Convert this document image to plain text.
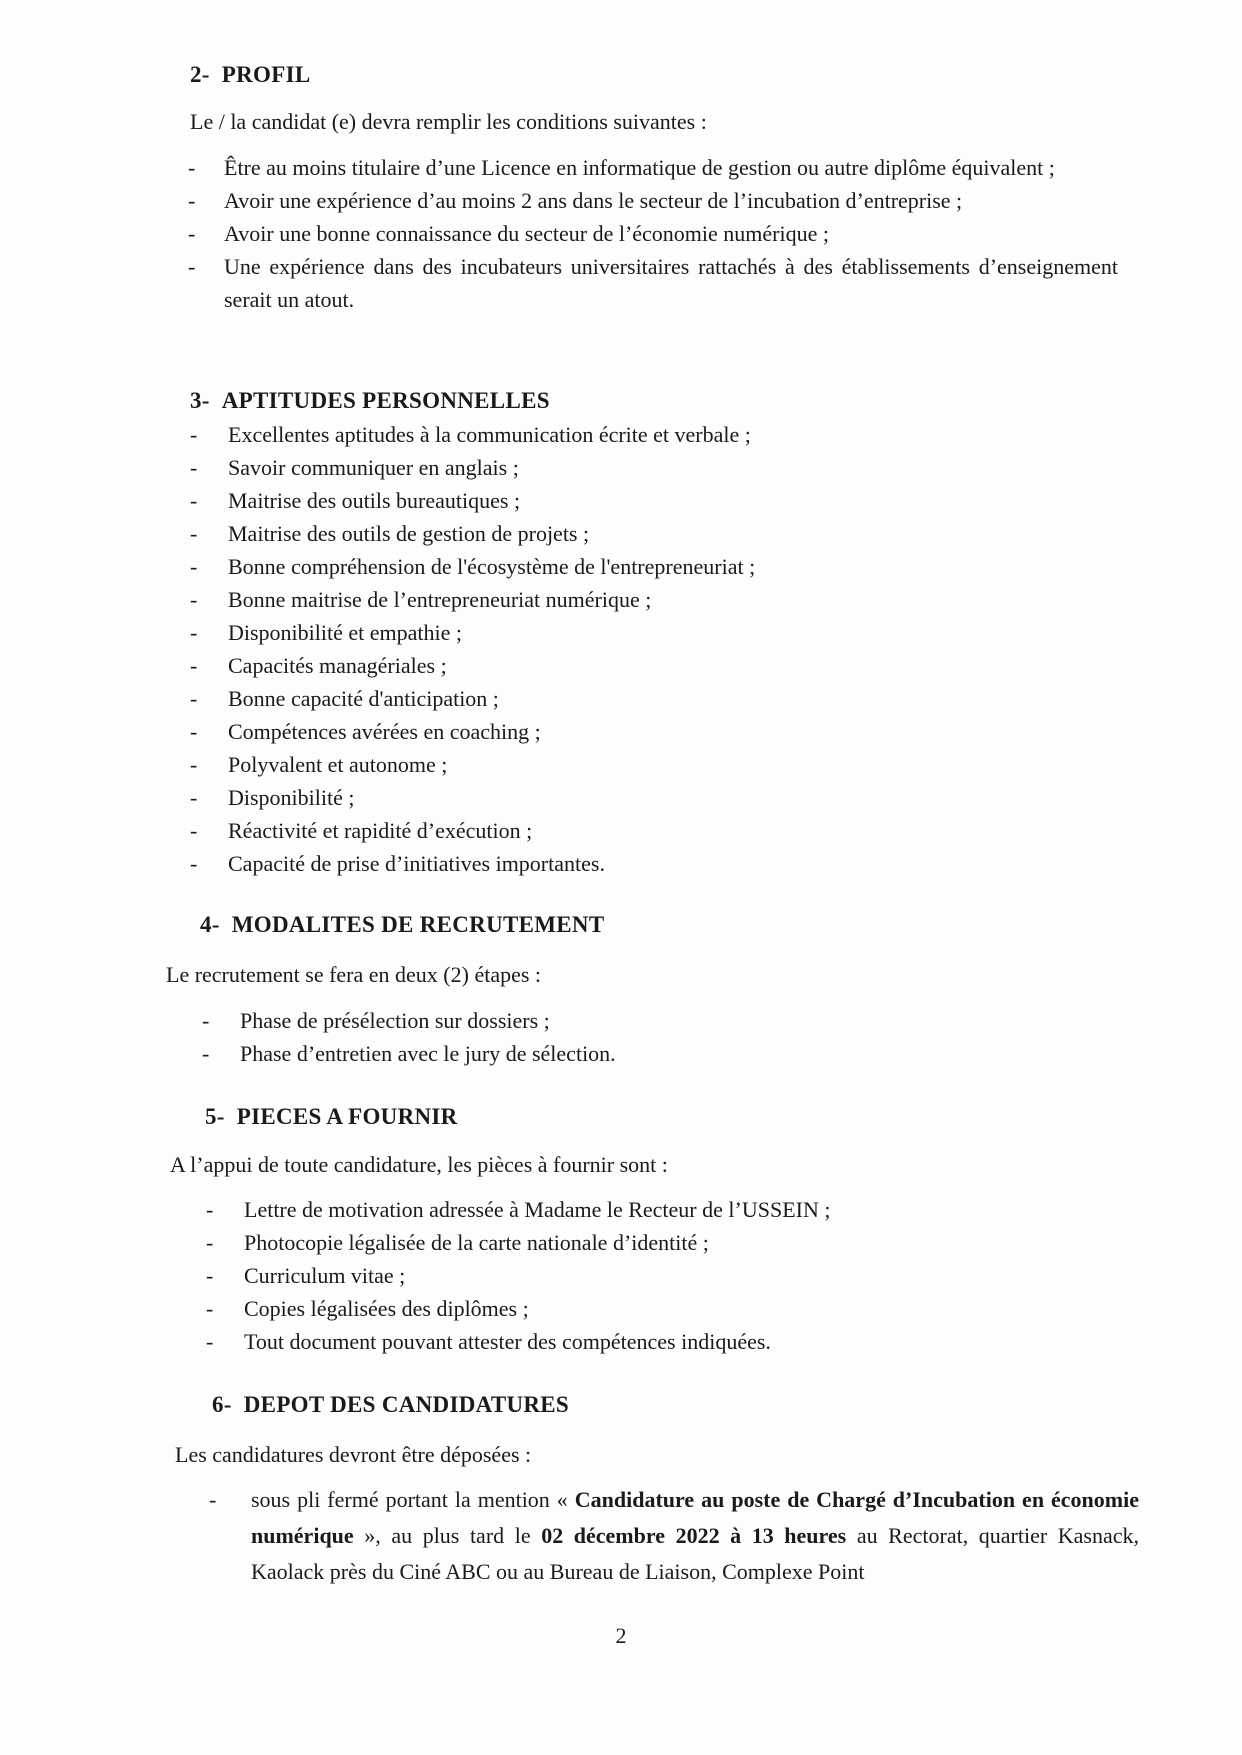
2- PROFIL

Le / la candidat (e) devra remplir les conditions suivantes :

- Être au moins titulaire d’une Licence en informatique de gestion ou autre diplôme équivalent ;
- Avoir une expérience d’au moins 2 ans dans le secteur de l’incubation d’entreprise ;
- Avoir une bonne connaissance du secteur de l’économie numérique ;
- Une expérience dans des incubateurs universitaires rattachés à des établissements d’enseignement serait un atout.

3- APTITUDES PERSONNELLES

- Excellentes aptitudes à la communication écrite et verbale ;
- Savoir communiquer en anglais ;
- Maitrise des outils bureautiques ;
- Maitrise des outils de gestion de projets ;
- Bonne compréhension de l'écosystème de l'entrepreneuriat ;
- Bonne maitrise de l’entrepreneuriat numérique ;
- Disponibilité et empathie ;
- Capacités managériales ;
- Bonne capacité d'anticipation ;
- Compétences avérées en coaching ;
- Polyvalent et autonome ;
- Disponibilité ;
- Réactivité et rapidité d’exécution ;
- Capacité de prise d’initiatives importantes.

4- MODALITES DE RECRUTEMENT

Le recrutement se fera en deux (2) étapes :

- Phase de présélection sur dossiers ;
- Phase d’entretien avec le jury de sélection.

5- PIECES A FOURNIR

A l’appui de toute candidature, les pièces à fournir sont :

- Lettre de motivation adressée à Madame le Recteur de l’USSEIN ;
- Photocopie légalisée de la carte nationale d’identité ;
- Curriculum vitae ;
- Copies légalisées des diplômes ;
- Tout document pouvant attester des compétences indiquées.

6- DEPOT DES CANDIDATURES

Les candidatures devront être déposées :

- sous pli fermé portant la mention « Candidature au poste de Chargé d’Incubation en économie numérique », au plus tard le 02 décembre 2022 à 13 heures au Rectorat, quartier Kasnack, Kaolack près du Ciné ABC ou au Bureau de Liaison, Complexe Point
2
